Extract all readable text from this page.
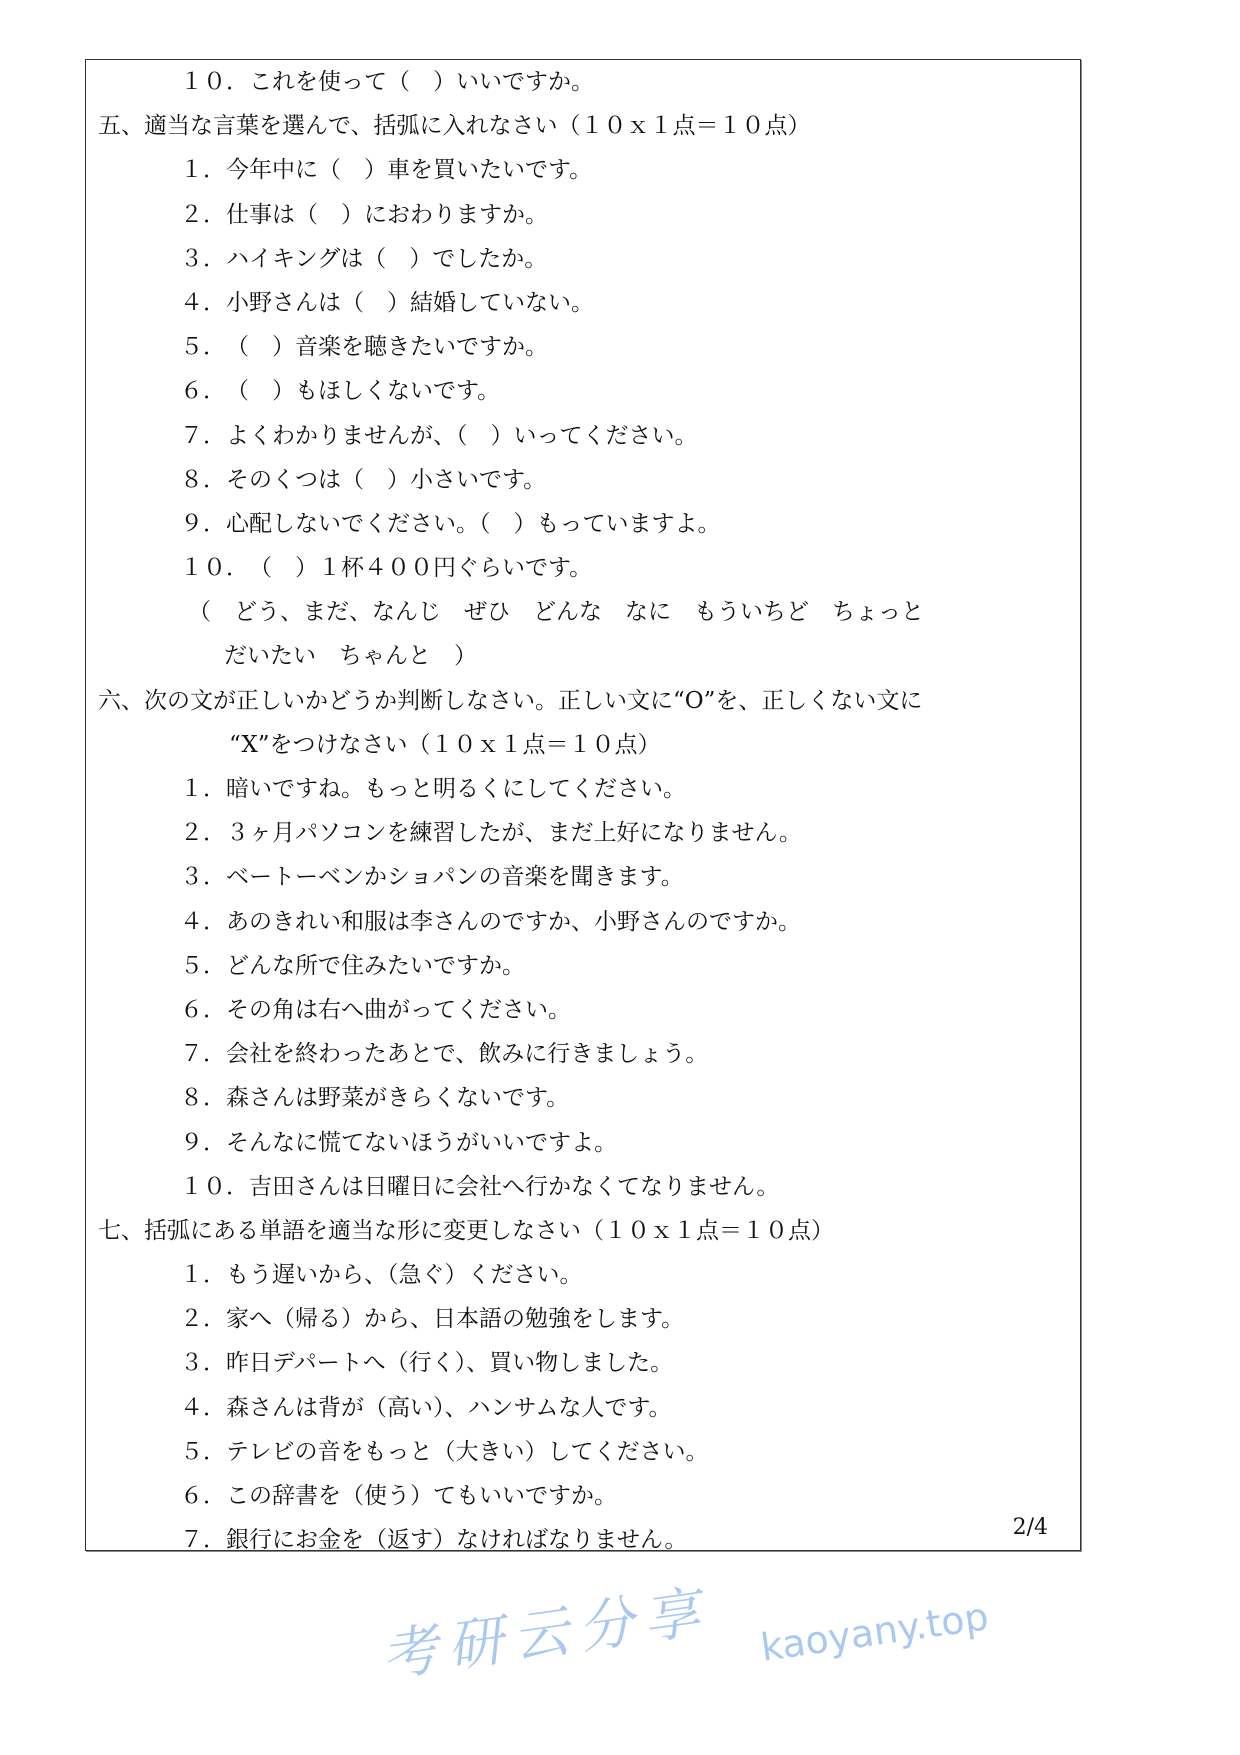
１０．これを使って（　）いいですか。
五、適当な言葉を選んで、括弧に入れなさい（１０ｘ１点＝１０点）
１．今年中に（　）車を買いたいです。
２．仕事は（　）におわりますか。
３．ハイキングは（　）でしたか。
４．小野さんは（　）結婚していない。
５．（　）音楽を聴きたいですか。
６．（　）もほしくないです。
７．よくわかりませんが、（　）いってください。
８．そのくつは（　）小さいです。
９．心配しないでください。（　）もっていますよ。
１０．（　）１杯４００円ぐらいです。
（　どう、まだ、なんじ　ぜひ　どんな　なに　もういちど　ちょっと
だいたい　ちゃんと　）
六、次の文が正しいかどうか判断しなさい。正しい文に“O”を、正しくない文に
“X”をつけなさい（１０ｘ１点＝１０点）
１．暗いですね。もっと明るくにしてください。
２．３ヶ月パソコンを練習したが、まだ上好になりません。
３．ベートーベンかショパンの音楽を聞きます。
４．あのきれい和服は李さんのですか、小野さんのですか。
５．どんな所で住みたいですか。
６．その角は右へ曲がってください。
７．会社を終わったあとで、飲みに行きましょう。
８．森さんは野菜がきらくないです。
９．そんなに慌てないほうがいいですよ。
１０．吉田さんは日曜日に会社へ行かなくてなりません。
七、括弧にある単語を適当な形に変更しなさい（１０ｘ１点＝１０点）
１．もう遅いから、（急ぐ）ください。
２．家へ（帰る）から、日本語の勉強をします。
３．昨日デパートへ（行く）、買い物しました。
４．森さんは背が（高い）、ハンサムな人です。
５．テレビの音をもっと（大きい）してください。
６．この辞書を（使う）てもいいですか。
７．銀行にお金を（返す）なければなりません。	2/4
考研云分享 kaoyany.top
